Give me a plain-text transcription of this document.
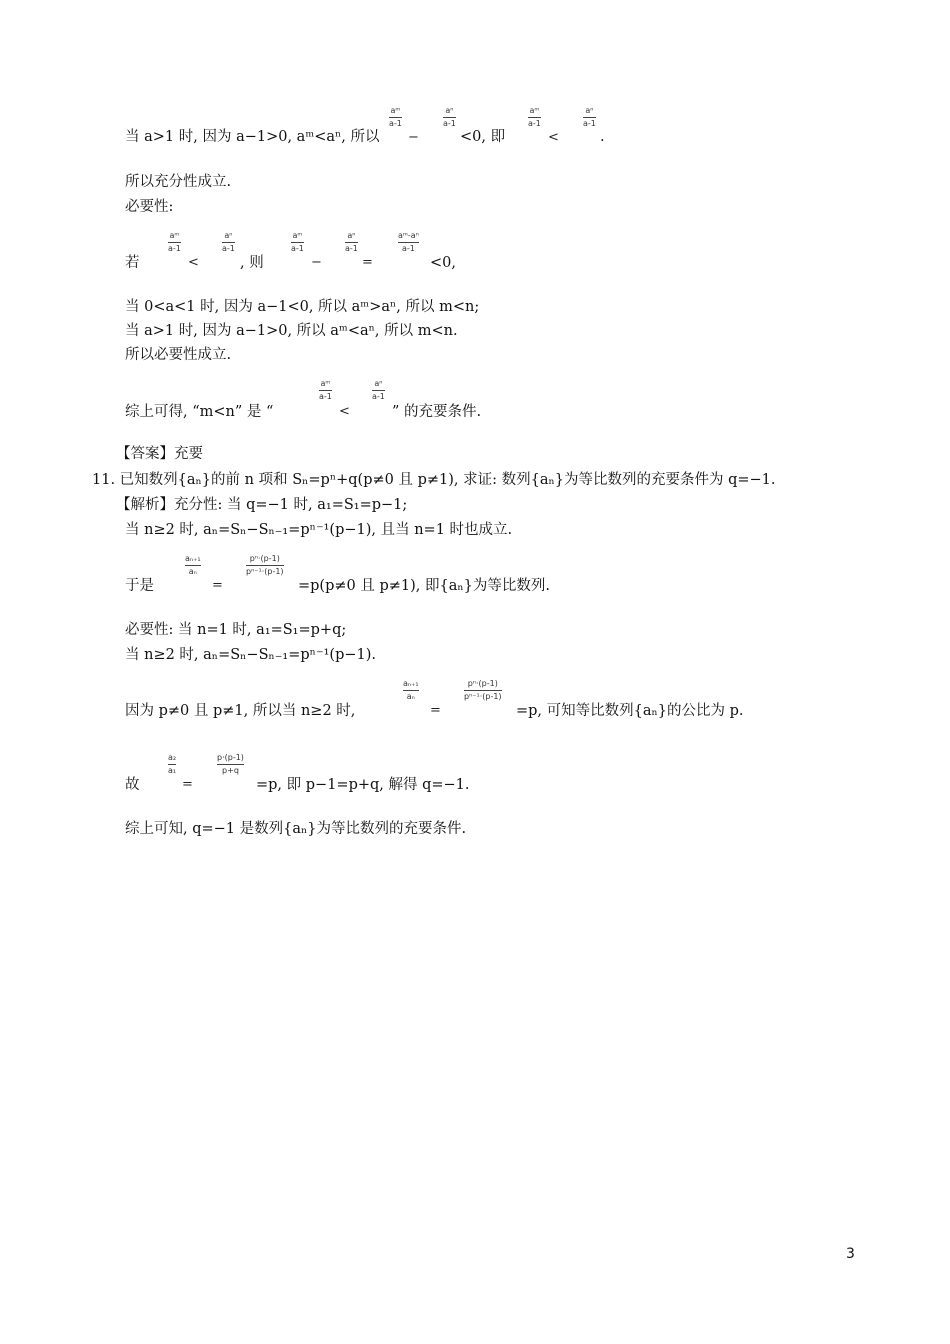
当 a>1 时, 因为 a−1>0, aᵐ<aⁿ, 所以
aᵐ
a-1
−
aⁿ
a-1
<0, 即
aᵐ
a-1
<
aⁿ
a-1
.
所以充分性成立.
必要性:
若
aᵐ
a-1
<
aⁿ
a-1
, 则
aᵐ
a-1
−
aⁿ
a-1
=
aᵐ-aⁿ
a-1
<0,
当 0<a<1 时, 因为 a−1<0, 所以 aᵐ>aⁿ, 所以 m<n;
当 a>1 时, 因为 a−1>0, 所以 aᵐ<aⁿ, 所以 m<n.
所以必要性成立.
综上可得, “m<n” 是 “
aᵐ
a-1
<
aⁿ
a-1
” 的充要条件.
【答案】充要
11. 已知数列{aₙ}的前 n 项和 Sₙ=pⁿ+q(p≠0 且 p≠1), 求证: 数列{aₙ}为等比数列的充要条件为 q=−1.
【解析】充分性: 当 q=−1 时, a₁=S₁=p−1;
当 n≥2 时, aₙ=Sₙ−Sₙ₋₁=pⁿ⁻¹(p−1), 且当 n=1 时也成立.
于是
aₙ₊₁
aₙ
=
pⁿ·(p-1)
pⁿ⁻¹·(p-1)
=p(p≠0 且 p≠1), 即{aₙ}为等比数列.
必要性: 当 n=1 时, a₁=S₁=p+q;
当 n≥2 时, aₙ=Sₙ−Sₙ₋₁=pⁿ⁻¹(p−1).
因为 p≠0 且 p≠1, 所以当 n≥2 时,
aₙ₊₁
aₙ
=
pⁿ·(p-1)
pⁿ⁻¹·(p-1)
=p, 可知等比数列{aₙ}的公比为 p.
故
a₂
a₁
=
p·(p-1)
p+q
=p, 即 p−1=p+q, 解得 q=−1.
综上可知, q=−1 是数列{aₙ}为等比数列的充要条件.
3
